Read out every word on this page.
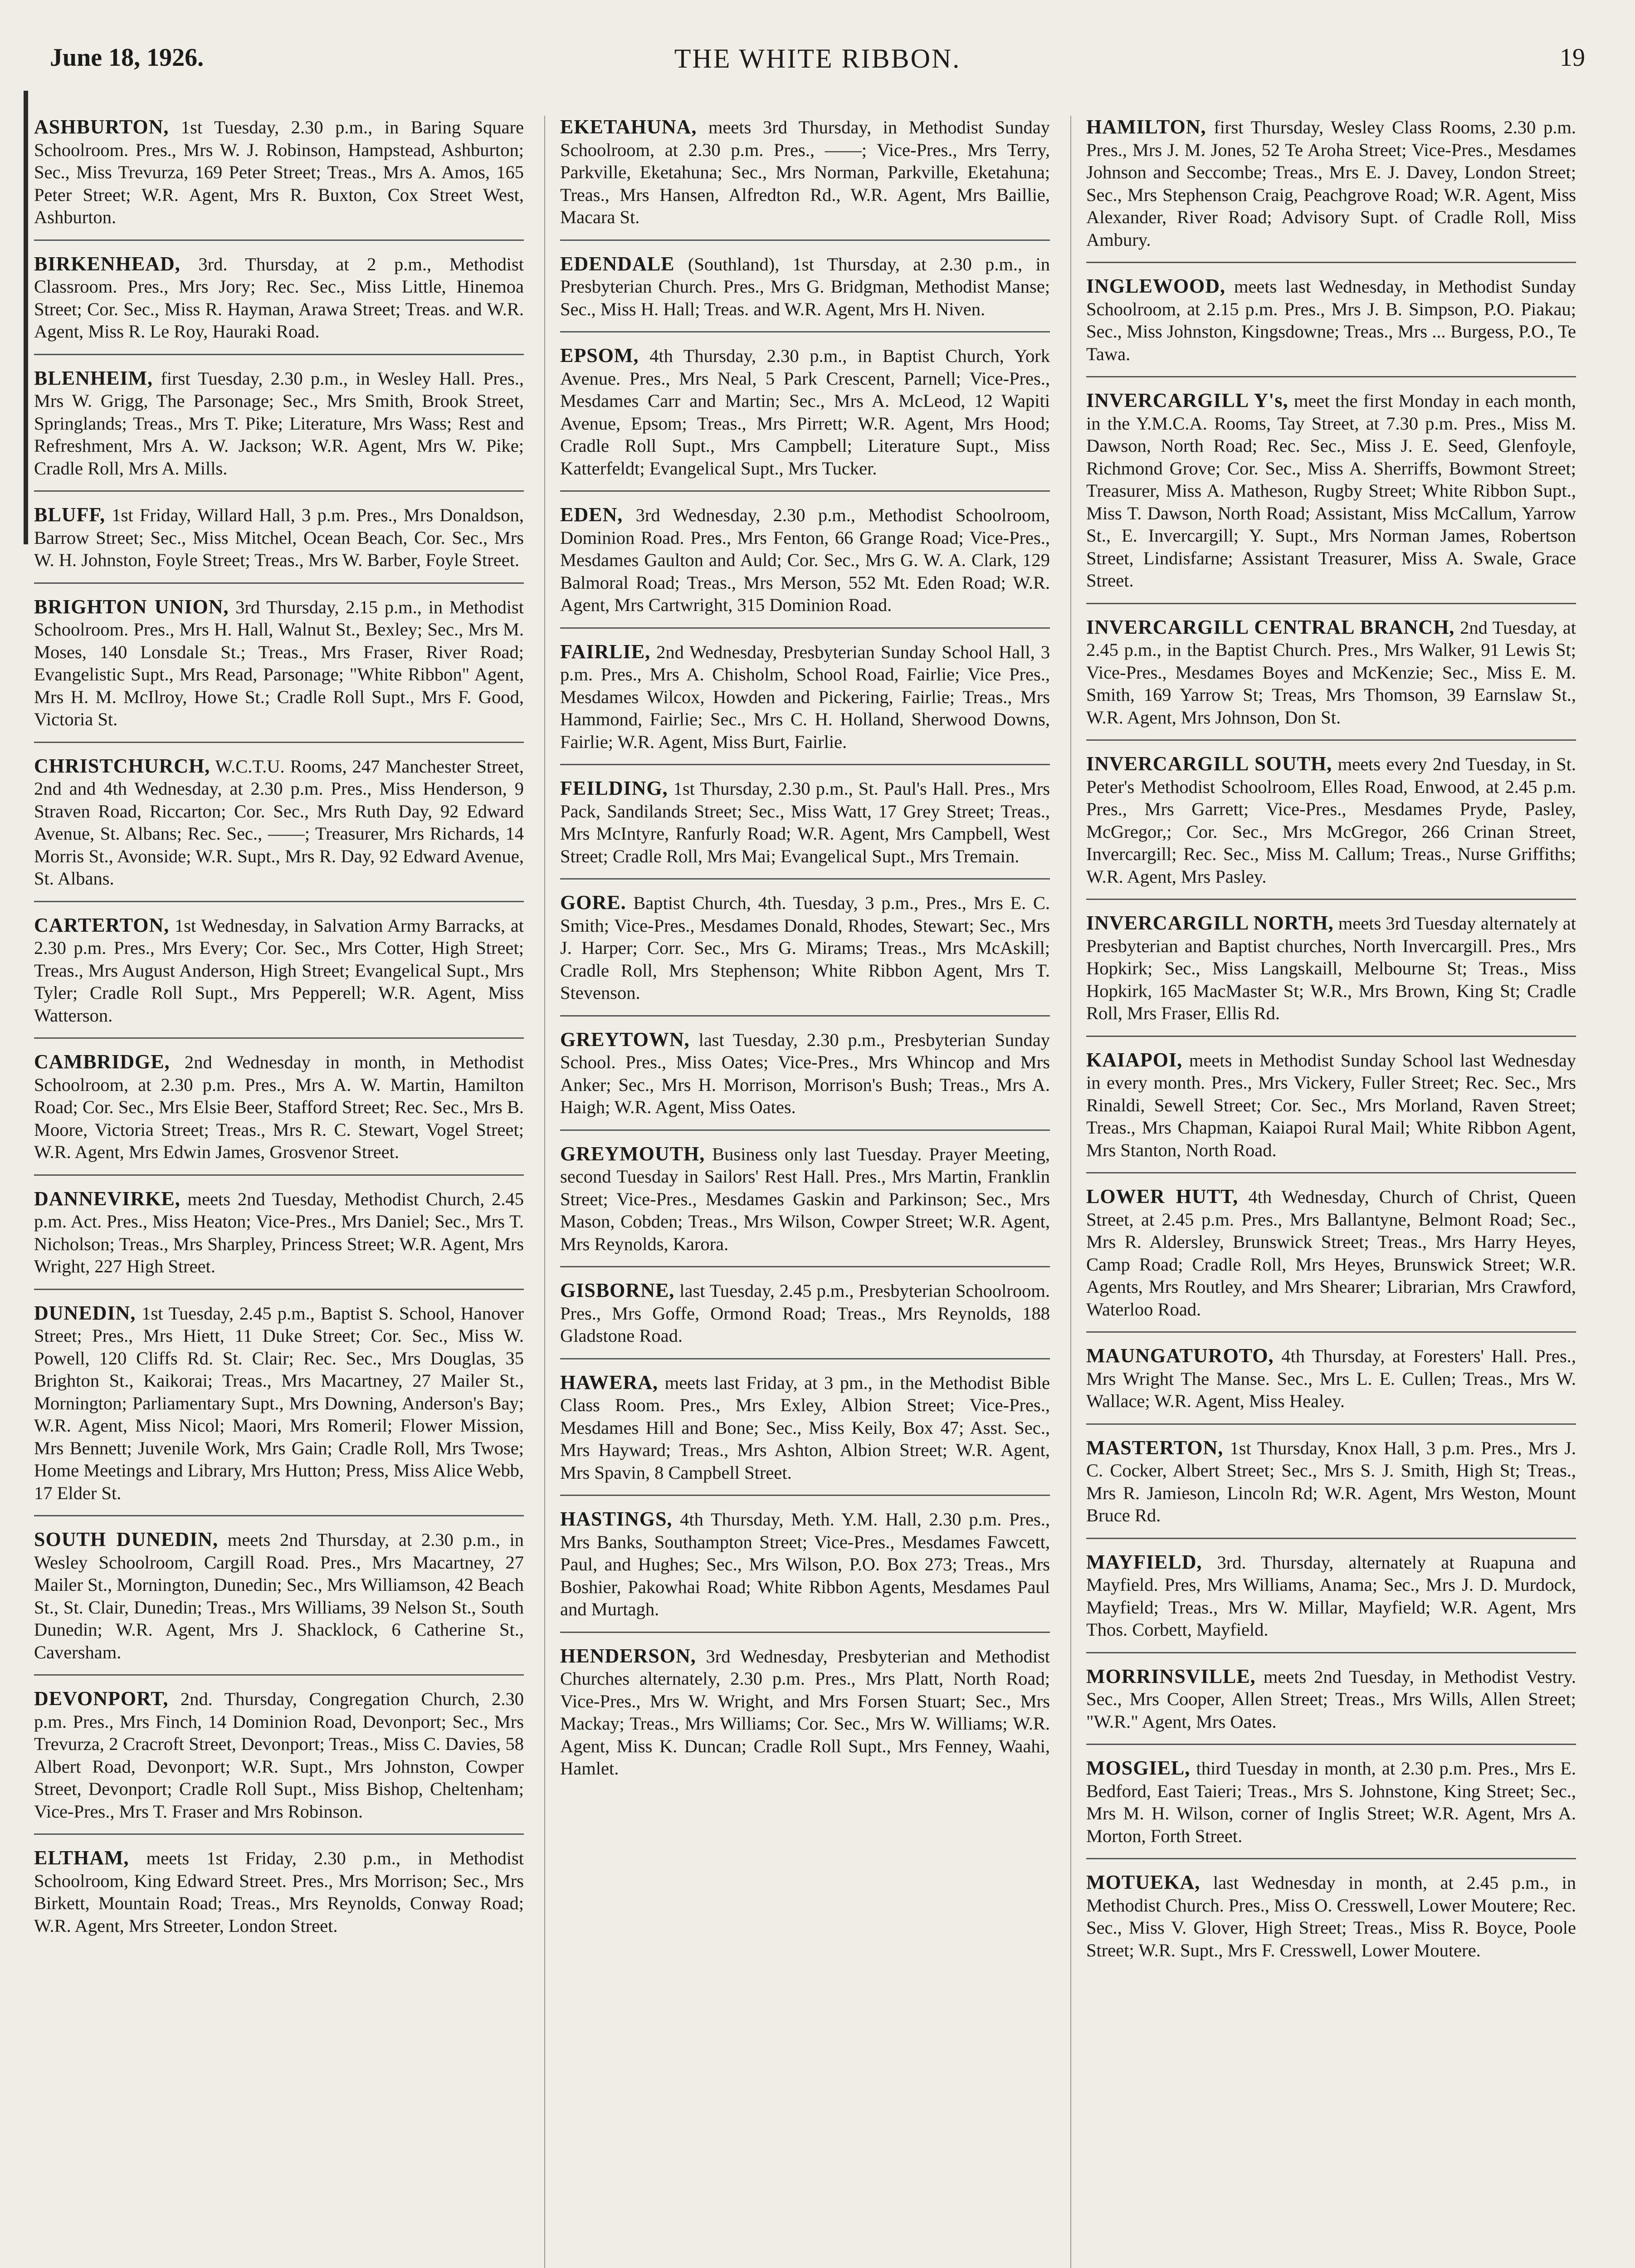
June 18, 1926.	THE WHITE RIBBON.	19

ASHBURTON, 1st Tuesday, 2.30 p.m., in Baring Square Schoolroom. Pres., Mrs W. J. Robinson, Hampstead, Ashburton; Sec., Miss Trevurza, 169 Peter Street; Treas., Mrs A. Amos, 165 Peter Street; W.R. Agent, Mrs R. Buxton, Cox Street West, Ashburton.

BIRKENHEAD, 3rd. Thursday, at 2 p.m., Methodist Classroom. Pres., Mrs Jory; Rec. Sec., Miss Little, Hinemoa Street; Cor. Sec., Miss R. Hayman, Arawa Street; Treas. and W.R. Agent, Miss R. Le Roy, Hauraki Road.

BLENHEIM, first Tuesday, 2.30 p.m., in Wesley Hall. Pres., Mrs W. Grigg, The Parsonage; Sec., Mrs Smith, Brook Street, Springlands; Treas., Mrs T. Pike; Literature, Mrs Wass; Rest and Refreshment, Mrs A. W. Jackson; W.R. Agent, Mrs W. Pike; Cradle Roll, Mrs A. Mills.

BLUFF, 1st Friday, Willard Hall, 3 p.m. Pres., Mrs Donaldson, Barrow Street; Sec., Miss Mitchel, Ocean Beach, Cor. Sec., Mrs W. H. Johnston, Foyle Street; Treas., Mrs W. Barber, Foyle Street.

BRIGHTON UNION, 3rd Thursday, 2.15 p.m., in Methodist Schoolroom. Pres., Mrs H. Hall, Walnut St., Bexley; Sec., Mrs M. Moses, 140 Lonsdale St.; Treas., Mrs Fraser, River Road; Evangelistic Supt., Mrs Read, Parsonage; "White Ribbon" Agent, Mrs H. M. McIlroy, Howe St.; Cradle Roll Supt., Mrs F. Good, Victoria St.

CHRISTCHURCH, W.C.T.U. Rooms, 247 Manchester Street, 2nd and 4th Wednesday, at 2.30 p.m. Pres., Miss Henderson, 9 Straven Road, Riccarton; Cor. Sec., Mrs Ruth Day, 92 Edward Avenue, St. Albans; Rec. Sec., ——; Treasurer, Mrs Richards, 14 Morris St., Avonside; W.R. Supt., Mrs R. Day, 92 Edward Avenue, St. Albans.

CARTERTON, 1st Wednesday, in Salvation Army Barracks, at 2.30 p.m. Pres., Mrs Every; Cor. Sec., Mrs Cotter, High Street; Treas., Mrs August Anderson, High Street; Evangelical Supt., Mrs Tyler; Cradle Roll Supt., Mrs Pepperell; W.R. Agent, Miss Watterson.

CAMBRIDGE, 2nd Wednesday in month, in Methodist Schoolroom, at 2.30 p.m. Pres., Mrs A. W. Martin, Hamilton Road; Cor. Sec., Mrs Elsie Beer, Stafford Street; Rec. Sec., Mrs B. Moore, Victoria Street; Treas., Mrs R. C. Stewart, Vogel Street; W.R. Agent, Mrs Edwin James, Grosvenor Street.

DANNEVIRKE, meets 2nd Tuesday, Methodist Church, 2.45 p.m. Act. Pres., Miss Heaton; Vice-Pres., Mrs Daniel; Sec., Mrs T. Nicholson; Treas., Mrs Sharpley, Princess Street; W.R. Agent, Mrs Wright, 227 High Street.

DUNEDIN, 1st Tuesday, 2.45 p.m., Baptist S. School, Hanover Street; Pres., Mrs Hiett, 11 Duke Street; Cor. Sec., Miss W. Powell, 120 Cliffs Rd. St. Clair; Rec. Sec., Mrs Douglas, 35 Brighton St., Kaikorai; Treas., Mrs Macartney, 27 Mailer St., Mornington; Parliamentary Supt., Mrs Downing, Anderson's Bay; W.R. Agent, Miss Nicol; Maori, Mrs Romeril; Flower Mission, Mrs Bennett; Juvenile Work, Mrs Gain; Cradle Roll, Mrs Twose; Home Meetings and Library, Mrs Hutton; Press, Miss Alice Webb, 17 Elder St.

SOUTH DUNEDIN, meets 2nd Thursday, at 2.30 p.m., in Wesley Schoolroom, Cargill Road. Pres., Mrs Macartney, 27 Mailer St., Mornington, Dunedin; Sec., Mrs Williamson, 42 Beach St., St. Clair, Dunedin; Treas., Mrs Williams, 39 Nelson St., South Dunedin; W.R. Agent, Mrs J. Shacklock, 6 Catherine St., Caversham.

DEVONPORT, 2nd. Thursday, Congregation Church, 2.30 p.m. Pres., Mrs Finch, 14 Dominion Road, Devonport; Sec., Mrs Trevurza, 2 Cracroft Street, Devonport; Treas., Miss C. Davies, 58 Albert Road, Devonport; W.R. Supt., Mrs Johnston, Cowper Street, Devonport; Cradle Roll Supt., Miss Bishop, Cheltenham; Vice-Pres., Mrs T. Fraser and Mrs Robinson.

ELTHAM, meets 1st Friday, 2.30 p.m., in Methodist Schoolroom, King Edward Street. Pres., Mrs Morrison; Sec., Mrs Birkett, Mountain Road; Treas., Mrs Reynolds, Conway Road; W.R. Agent, Mrs Streeter, London Street.

EKETAHUNA, meets 3rd Thursday, in Methodist Sunday Schoolroom, at 2.30 p.m. Pres., ——; Vice-Pres., Mrs Terry, Parkville, Eketahuna; Sec., Mrs Norman, Parkville, Eketahuna; Treas., Mrs Hansen, Alfredton Rd., W.R. Agent, Mrs Baillie, Macara St.

EDENDALE (Southland), 1st Thursday, at 2.30 p.m., in Presbyterian Church. Pres., Mrs G. Bridgman, Methodist Manse; Sec., Miss H. Hall; Treas. and W.R. Agent, Mrs H. Niven.

EPSOM, 4th Thursday, 2.30 p.m., in Baptist Church, York Avenue. Pres., Mrs Neal, 5 Park Crescent, Parnell; Vice-Pres., Mesdames Carr and Martin; Sec., Mrs A. McLeod, 12 Wapiti Avenue, Epsom; Treas., Mrs Pirrett; W.R. Agent, Mrs Hood; Cradle Roll Supt., Mrs Campbell; Literature Supt., Miss Katterfeldt; Evangelical Supt., Mrs Tucker.

EDEN, 3rd Wednesday, 2.30 p.m., Methodist Schoolroom, Dominion Road. Pres., Mrs Fenton, 66 Grange Road; Vice-Pres., Mesdames Gaulton and Auld; Cor. Sec., Mrs G. W. A. Clark, 129 Balmoral Road; Treas., Mrs Merson, 552 Mt. Eden Road; W.R. Agent, Mrs Cartwright, 315 Dominion Road.

FAIRLIE, 2nd Wednesday, Presbyterian Sunday School Hall, 3 p.m. Pres., Mrs A. Chisholm, School Road, Fairlie; Vice Pres., Mesdames Wilcox, Howden and Pickering, Fairlie; Treas., Mrs Hammond, Fairlie; Sec., Mrs C. H. Holland, Sherwood Downs, Fairlie; W.R. Agent, Miss Burt, Fairlie.

FEILDING, 1st Thursday, 2.30 p.m., St. Paul's Hall. Pres., Mrs Pack, Sandilands Street; Sec., Miss Watt, 17 Grey Street; Treas., Mrs McIntyre, Ranfurly Road; W.R. Agent, Mrs Campbell, West Street; Cradle Roll, Mrs Mai; Evangelical Supt., Mrs Tremain.

GORE. Baptist Church, 4th. Tuesday, 3 p.m., Pres., Mrs E. C. Smith; Vice-Pres., Mesdames Donald, Rhodes, Stewart; Sec., Mrs J. Harper; Corr. Sec., Mrs G. Mirams; Treas., Mrs McAskill; Cradle Roll, Mrs Stephenson; White Ribbon Agent, Mrs T. Stevenson.

GREYTOWN, last Tuesday, 2.30 p.m., Presbyterian Sunday School. Pres., Miss Oates; Vice-Pres., Mrs Whincop and Mrs Anker; Sec., Mrs H. Morrison, Morrison's Bush; Treas., Mrs A. Haigh; W.R. Agent, Miss Oates.

GREYMOUTH, Business only last Tuesday. Prayer Meeting, second Tuesday in Sailors' Rest Hall. Pres., Mrs Martin, Franklin Street; Vice-Pres., Mesdames Gaskin and Parkinson; Sec., Mrs Mason, Cobden; Treas., Mrs Wilson, Cowper Street; W.R. Agent, Mrs Reynolds, Karora.

GISBORNE, last Tuesday, 2.45 p.m., Presbyterian Schoolroom. Pres., Mrs Goffe, Ormond Road; Treas., Mrs Reynolds, 188 Gladstone Road.

HAWERA, meets last Friday, at 3 pm., in the Methodist Bible Class Room. Pres., Mrs Exley, Albion Street; Vice-Pres., Mesdames Hill and Bone; Sec., Miss Keily, Box 47; Asst. Sec., Mrs Hayward; Treas., Mrs Ashton, Albion Street; W.R. Agent, Mrs Spavin, 8 Campbell Street.

HASTINGS, 4th Thursday, Meth. Y.M. Hall, 2.30 p.m. Pres., Mrs Banks, Southampton Street; Vice-Pres., Mesdames Fawcett, Paul, and Hughes; Sec., Mrs Wilson, P.O. Box 273; Treas., Mrs Boshier, Pakowhai Road; White Ribbon Agents, Mesdames Paul and Murtagh.

HENDERSON, 3rd Wednesday, Presbyterian and Methodist Churches alternately, 2.30 p.m. Pres., Mrs Platt, North Road; Vice-Pres., Mrs W. Wright, and Mrs Forsen Stuart; Sec., Mrs Mackay; Treas., Mrs Williams; Cor. Sec., Mrs W. Williams; W.R. Agent, Miss K. Duncan; Cradle Roll Supt., Mrs Fenney, Waahi, Hamlet.

HAMILTON, first Thursday, Wesley Class Rooms, 2.30 p.m. Pres., Mrs J. M. Jones, 52 Te Aroha Street; Vice-Pres., Mesdames Johnson and Seccombe; Treas., Mrs E. J. Davey, London Street; Sec., Mrs Stephenson Craig, Peachgrove Road; W.R. Agent, Miss Alexander, River Road; Advisory Supt. of Cradle Roll, Miss Ambury.

INGLEWOOD, meets last Wednesday, in Methodist Sunday Schoolroom, at 2.15 p.m. Pres., Mrs J. B. Simpson, P.O. Piakau; Sec., Miss Johnston, Kingsdowne; Treas., Mrs ... Burgess, P.O., Te Tawa.

INVERCARGILL Y's, meet the first Monday in each month, in the Y.M.C.A. Rooms, Tay Street, at 7.30 p.m. Pres., Miss M. Dawson, North Road; Rec. Sec., Miss J. E. Seed, Glenfoyle, Richmond Grove; Cor. Sec., Miss A. Sherriffs, Bowmont Street; Treasurer, Miss A. Matheson, Rugby Street; White Ribbon Supt., Miss T. Dawson, North Road; Assistant, Miss McCallum, Yarrow St., E. Invercargill; Y. Supt., Mrs Norman James, Robertson Street, Lindisfarne; Assistant Treasurer, Miss A. Swale, Grace Street.

INVERCARGILL CENTRAL BRANCH, 2nd Tuesday, at 2.45 p.m., in the Baptist Church. Pres., Mrs Walker, 91 Lewis St; Vice-Pres., Mesdames Boyes and McKenzie; Sec., Miss E. M. Smith, 169 Yarrow St; Treas, Mrs Thomson, 39 Earnslaw St., W.R. Agent, Mrs Johnson, Don St.

INVERCARGILL SOUTH, meets every 2nd Tuesday, in St. Peter's Methodist Schoolroom, Elles Road, Enwood, at 2.45 p.m. Pres., Mrs Garrett; Vice-Pres., Mesdames Pryde, Pasley, McGregor,; Cor. Sec., Mrs McGregor, 266 Crinan Street, Invercargill; Rec. Sec., Miss M. Callum; Treas., Nurse Griffiths; W.R. Agent, Mrs Pasley.

INVERCARGILL NORTH, meets 3rd Tuesday alternately at Presbyterian and Baptist churches, North Invercargill. Pres., Mrs Hopkirk; Sec., Miss Langskaill, Melbourne St; Treas., Miss Hopkirk, 165 MacMaster St; W.R., Mrs Brown, King St; Cradle Roll, Mrs Fraser, Ellis Rd.

KAIAPOI, meets in Methodist Sunday School last Wednesday in every month. Pres., Mrs Vickery, Fuller Street; Rec. Sec., Mrs Rinaldi, Sewell Street; Cor. Sec., Mrs Morland, Raven Street; Treas., Mrs Chapman, Kaiapoi Rural Mail; White Ribbon Agent, Mrs Stanton, North Road.

LOWER HUTT, 4th Wednesday, Church of Christ, Queen Street, at 2.45 p.m. Pres., Mrs Ballantyne, Belmont Road; Sec., Mrs R. Aldersley, Brunswick Street; Treas., Mrs Harry Heyes, Camp Road; Cradle Roll, Mrs Heyes, Brunswick Street; W.R. Agents, Mrs Routley, and Mrs Shearer; Librarian, Mrs Crawford, Waterloo Road.

MAUNGATUROTO, 4th Thursday, at Foresters' Hall. Pres., Mrs Wright The Manse. Sec., Mrs L. E. Cullen; Treas., Mrs W. Wallace; W.R. Agent, Miss Healey.

MASTERTON, 1st Thursday, Knox Hall, 3 p.m. Pres., Mrs J. C. Cocker, Albert Street; Sec., Mrs S. J. Smith, High St; Treas., Mrs R. Jamieson, Lincoln Rd; W.R. Agent, Mrs Weston, Mount Bruce Rd.

MAYFIELD, 3rd. Thursday, alternately at Ruapuna and Mayfield. Pres, Mrs Williams, Anama; Sec., Mrs J. D. Murdock, Mayfield; Treas., Mrs W. Millar, Mayfield; W.R. Agent, Mrs Thos. Corbett, Mayfield.

MORRINSVILLE, meets 2nd Tuesday, in Methodist Vestry. Sec., Mrs Cooper, Allen Street; Treas., Mrs Wills, Allen Street; "W.R." Agent, Mrs Oates.

MOSGIEL, third Tuesday in month, at 2.30 p.m. Pres., Mrs E. Bedford, East Taieri; Treas., Mrs S. Johnstone, King Street; Sec., Mrs M. H. Wilson, corner of Inglis Street; W.R. Agent, Mrs A. Morton, Forth Street.

MOTUEKA, last Wednesday in month, at 2.45 p.m., in Methodist Church. Pres., Miss O. Cresswell, Lower Moutere; Rec. Sec., Miss V. Glover, High Street; Treas., Miss R. Boyce, Poole Street; W.R. Supt., Mrs F. Cresswell, Lower Moutere.
